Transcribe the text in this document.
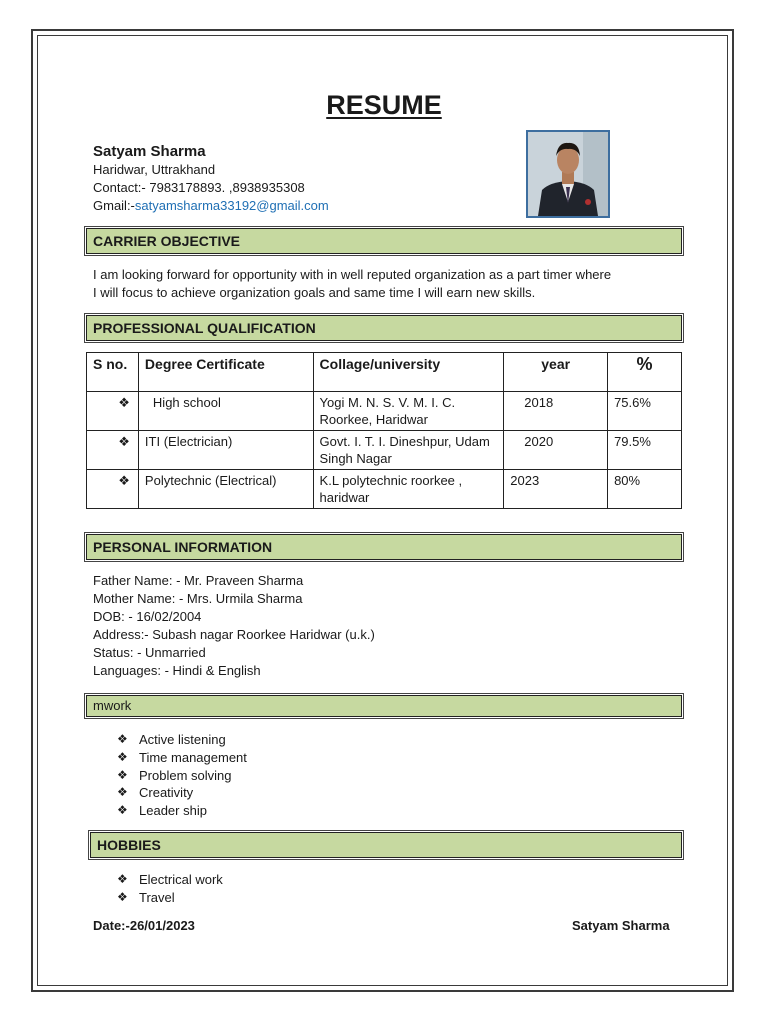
RESUME
Satyam Sharma
Haridwar, Uttrakhand
Contact:- 7983178893. ,8938935308
Gmail:-satyamsharma33192@gmail.com
CARRIER OBJECTIVE
I am looking forward for opportunity with in well reputed organization as a part timer where
I will focus to achieve organization goals and same time I will earn new skills.
PROFESSIONAL QUALIFICATION
S no.	Degree Certificate	Collage/university	year	%
❖	High school	Yogi M. N. S. V. M. I. C. Roorkee, Haridwar	2018	75.6%
❖	ITI (Electrician)	Govt. I. T. I. Dineshpur, Udam Singh Nagar	2020	79.5%
❖	Polytechnic (Electrical)	K.L polytechnic roorkee , haridwar	2023	80%
PERSONAL INFORMATION
Father Name: - Mr. Praveen Sharma
Mother Name: - Mrs. Urmila Sharma
DOB: - 16/02/2004
Address:- Subash nagar Roorkee Haridwar (u.k.)
Status: - Unmarried
Languages: - Hindi & English
mwork
❖ Active listening
❖ Time management
❖ Problem solving
❖ Creativity
❖ Leader ship
HOBBIES
❖ Electrical work
❖ Travel
Date:-26/01/2023	Satyam Sharma
